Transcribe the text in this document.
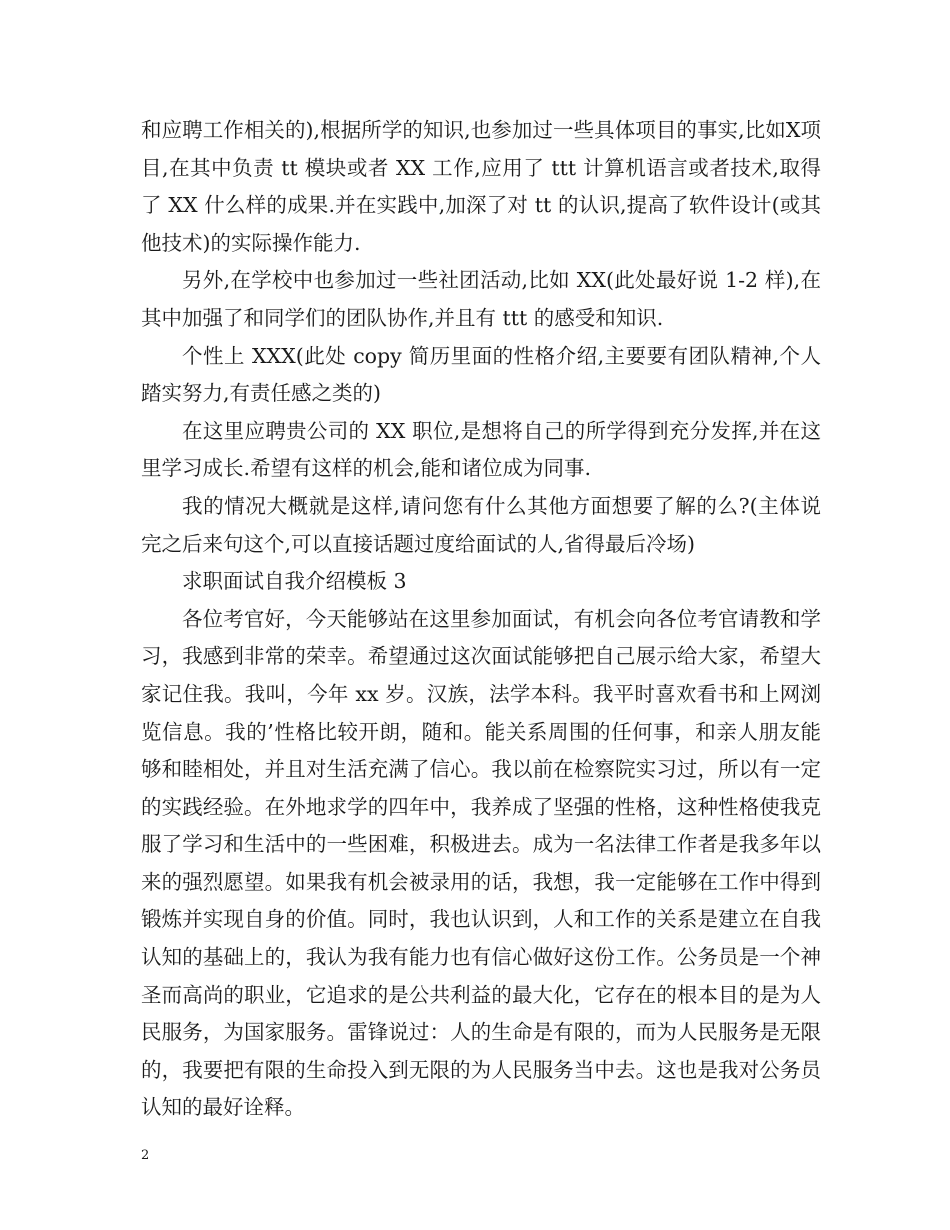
和应聘工作相关的),根据所学的知识,也参加过一些具体项目的事实,比如Ⅹ项目,在其中负责 tt 模块或者 XX 工作,应用了 ttt 计算机语言或者技术,取得了 XX 什么样的成果.并在实践中,加深了对 tt 的认识,提高了软件设计(或其他技术)的实际操作能力.

另外,在学校中也参加过一些社团活动,比如 XX(此处最好说 1-2 样),在其中加强了和同学们的团队协作,并且有 ttt 的感受和知识.

个性上 XXX(此处 copy 简历里面的性格介绍,主要要有团队精神,个人踏实努力,有责任感之类的)

在这里应聘贵公司的 XX 职位,是想将自己的所学得到充分发挥,并在这里学习成长.希望有这样的机会,能和诸位成为同事.

我的情况大概就是这样,请问您有什么其他方面想要了解的么?(主体说完之后来句这个,可以直接话题过度给面试的人,省得最后冷场)

求职面试自我介绍模板 3

各位考官好，今天能够站在这里参加面试，有机会向各位考官请教和学习，我感到非常的荣幸。希望通过这次面试能够把自己展示给大家，希望大家记住我。我叫，今年 xx 岁。汉族，法学本科。我平时喜欢看书和上网浏览信息。我的’性格比较开朗，随和。能关系周围的任何事，和亲人朋友能够和睦相处，并且对生活充满了信心。我以前在检察院实习过，所以有一定的实践经验。在外地求学的四年中，我养成了坚强的性格，这种性格使我克服了学习和生活中的一些困难，积极进去。成为一名法律工作者是我多年以来的强烈愿望。如果我有机会被录用的话，我想，我一定能够在工作中得到锻炼并实现自身的价值。同时，我也认识到，人和工作的关系是建立在自我认知的基础上的，我认为我有能力也有信心做好这份工作。公务员是一个神圣而高尚的职业，它追求的是公共利益的最大化，它存在的根本目的是为人民服务，为国家服务。雷锋说过：人的生命是有限的，而为人民服务是无限的，我要把有限的生命投入到无限的为人民服务当中去。这也是我对公务员认知的最好诠释。

2
